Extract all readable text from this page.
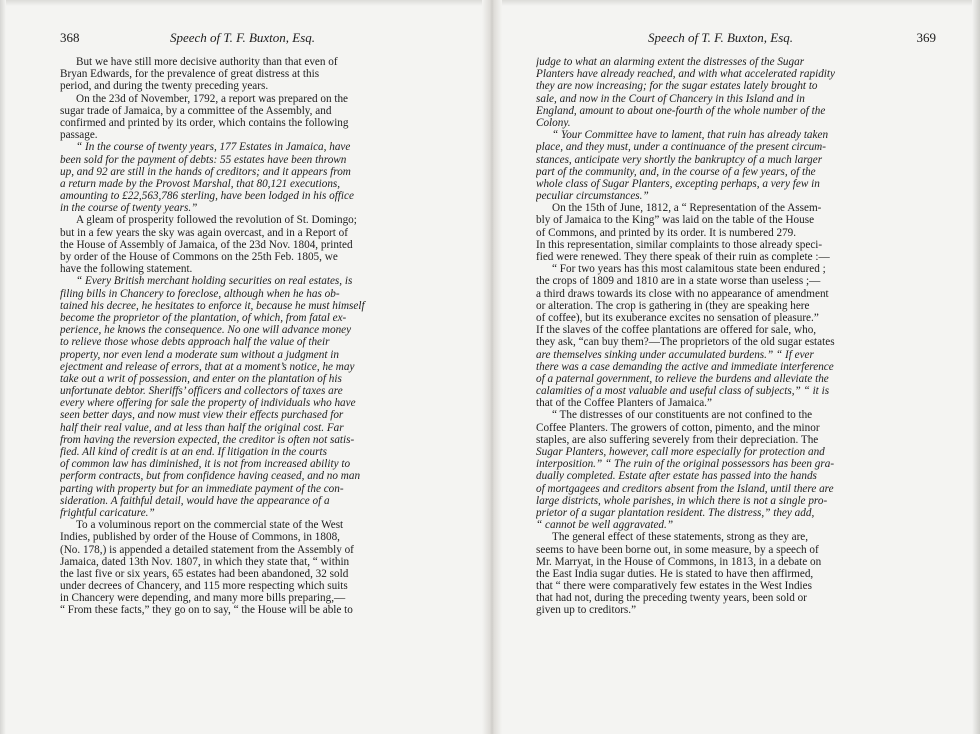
368	Speech of T. F. Buxton, Esq.
But we have still more decisive authority than that even of
Bryan Edwards, for the prevalence of great distress at this
period, and during the twenty preceding years.
On the 23d of November, 1792, a report was prepared on the
sugar trade of Jamaica, by a committee of the Assembly, and
confirmed and printed by its order, which contains the following
passage.
“ In the course of twenty years, 177 Estates in Jamaica, have
been sold for the payment of debts: 55 estates have been thrown
up, and 92 are still in the hands of creditors; and it appears from
a return made by the Provost Marshal, that 80,121 executions,
amounting to £22,563,786 sterling, have been lodged in his office
in the course of twenty years.”
A gleam of prosperity followed the revolution of St. Domingo;
but in a few years the sky was again overcast, and in a Report of
the House of Assembly of Jamaica, of the 23d Nov. 1804, printed
by order of the House of Commons on the 25th Feb. 1805, we
have the following statement.
“ Every British merchant holding securities on real estates, is
filing bills in Chancery to foreclose, although when he has ob-
tained his decree, he hesitates to enforce it, because he must himself
become the proprietor of the plantation, of which, from fatal ex-
perience, he knows the consequence. No one will advance money
to relieve those whose debts approach half the value of their
property, nor even lend a moderate sum without a judgment in
ejectment and release of errors, that at a moment’s notice, he may
take out a writ of possession, and enter on the plantation of his
unfortunate debtor. Sheriffs’ officers and collectors of taxes are
every where offering for sale the property of individuals who have
seen better days, and now must view their effects purchased for
half their real value, and at less than half the original cost. Far
from having the reversion expected, the creditor is often not satis-
fied. All kind of credit is at an end. If litigation in the courts
of common law has diminished, it is not from increased ability to
perform contracts, but from confidence having ceased, and no man
parting with property but for an immediate payment of the con-
sideration. A faithful detail, would have the appearance of a
frightful caricature.”
To a voluminous report on the commercial state of the West
Indies, published by order of the House of Commons, in 1808,
(No. 178,) is appended a detailed statement from the Assembly of
Jamaica, dated 13th Nov. 1807, in which they state that, “ within
the last five or six years, 65 estates had been abandoned, 32 sold
under decrees of Chancery, and 115 more respecting which suits
in Chancery were depending, and many more bills preparing,—
“ From these facts,” they go on to say, “ the House will be able to
Speech of T. F. Buxton, Esq.	369
judge to what an alarming extent the distresses of the Sugar
Planters have already reached, and with what accelerated rapidity
they are now increasing; for the sugar estates lately brought to
sale, and now in the Court of Chancery in this Island and in
England, amount to about one-fourth of the whole number of the
Colony.
“ Your Committee have to lament, that ruin has already taken
place, and they must, under a continuance of the present circum-
stances, anticipate very shortly the bankruptcy of a much larger
part of the community, and, in the course of a few years, of the
whole class of Sugar Planters, excepting perhaps, a very few in
peculiar circumstances.”
On the 15th of June, 1812, a “ Representation of the Assem-
bly of Jamaica to the King” was laid on the table of the House
of Commons, and printed by its order. It is numbered 279.
In this representation, similar complaints to those already speci-
fied were renewed. They there speak of their ruin as complete :—
“ For two years has this most calamitous state been endured ;
the crops of 1809 and 1810 are in a state worse than useless ;—
a third draws towards its close with no appearance of amendment
or alteration. The crop is gathering in (they are speaking here
of coffee), but its exuberance excites no sensation of pleasure.”
If the slaves of the coffee plantations are offered for sale, who,
they ask, “can buy them?—The proprietors of the old sugar estates
are themselves sinking under accumulated burdens.” “ If ever
there was a case demanding the active and immediate interference
of a paternal government, to relieve the burdens and alleviate the
calamities of a most valuable and useful class of subjects,” “ it is
that of the Coffee Planters of Jamaica.”
“ The distresses of our constituents are not confined to the
Coffee Planters. The growers of cotton, pimento, and the minor
staples, are also suffering severely from their depreciation. The
Sugar Planters, however, call more especially for protection and
interposition.” “ The ruin of the original possessors has been gra-
dually completed. Estate after estate has passed into the hands
of mortgagees and creditors absent from the Island, until there are
large districts, whole parishes, in which there is not a single pro-
prietor of a sugar plantation resident. The distress,” they add,
“ cannot be well aggravated.”
The general effect of these statements, strong as they are,
seems to have been borne out, in some measure, by a speech of
Mr. Marryat, in the House of Commons, in 1813, in a debate on
the East India sugar duties. He is stated to have then affirmed,
that “ there were comparatively few estates in the West Indies
that had not, during the preceding twenty years, been sold or
given up to creditors.”
